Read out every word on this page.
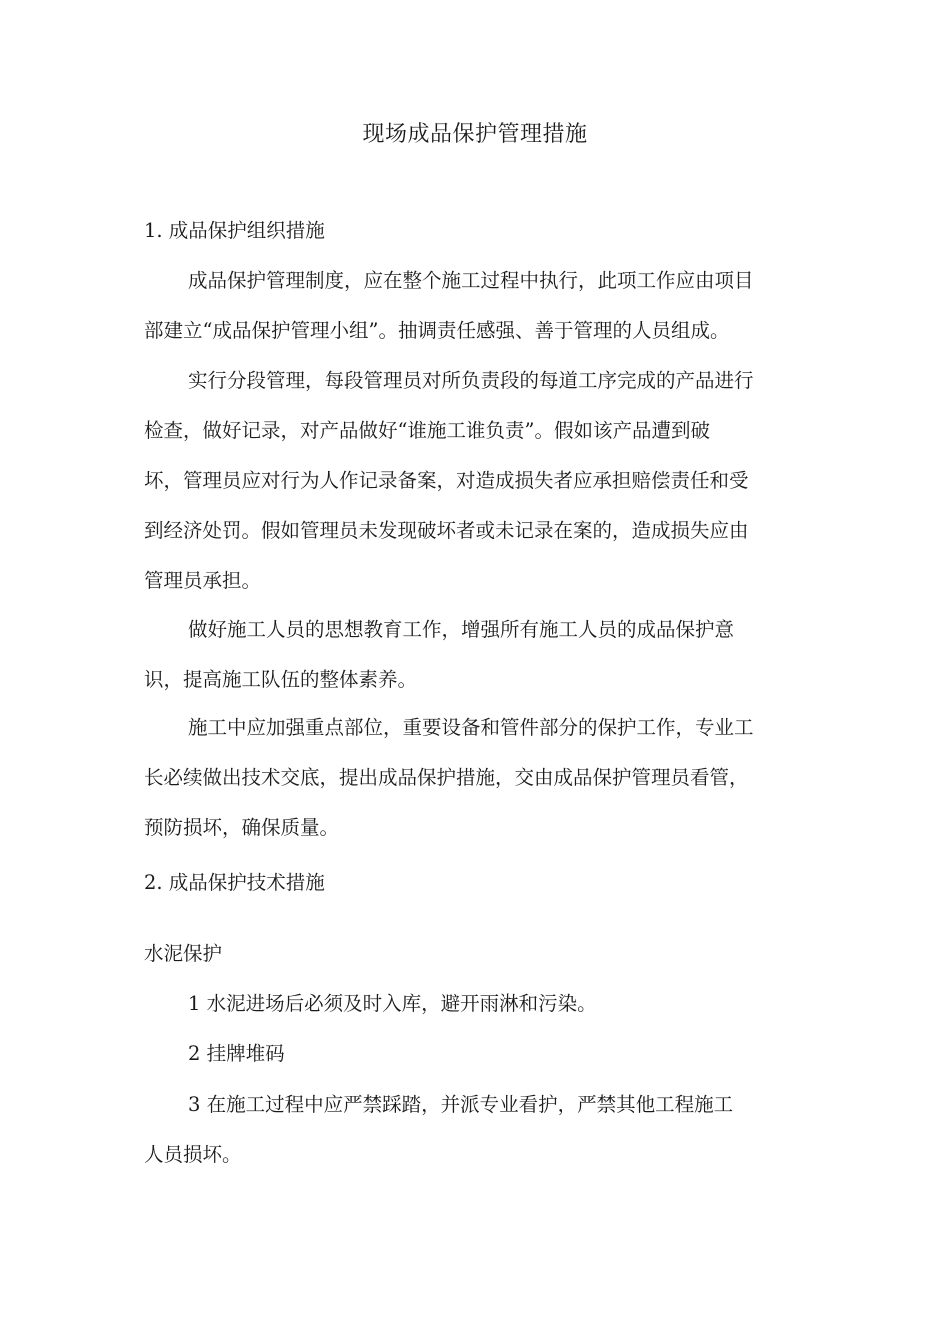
现场成品保护管理措施
1. 成品保护组织措施
成品保护管理制度，应在整个施工过程中执行，此项工作应由项目
部建立“成品保护管理小组”。抽调责任感强、善于管理的人员组成。
实行分段管理，每段管理员对所负责段的每道工序完成的产品进行
检查，做好记录，对产品做好“谁施工谁负责”。假如该产品遭到破
坏，管理员应对行为人作记录备案，对造成损失者应承担赔偿责任和受
到经济处罚。假如管理员未发现破坏者或未记录在案的，造成损失应由
管理员承担。
做好施工人员的思想教育工作，增强所有施工人员的成品保护意
识，提高施工队伍的整体素养。
施工中应加强重点部位，重要设备和管件部分的保护工作，专业工
长必续做出技术交底，提出成品保护措施，交由成品保护管理员看管，
预防损坏，确保质量。
2. 成品保护技术措施
水泥保护
1 水泥进场后必须及时入库，避开雨淋和污染。
2 挂牌堆码
3 在施工过程中应严禁踩踏，并派专业看护，严禁其他工程施工
人员损坏。
